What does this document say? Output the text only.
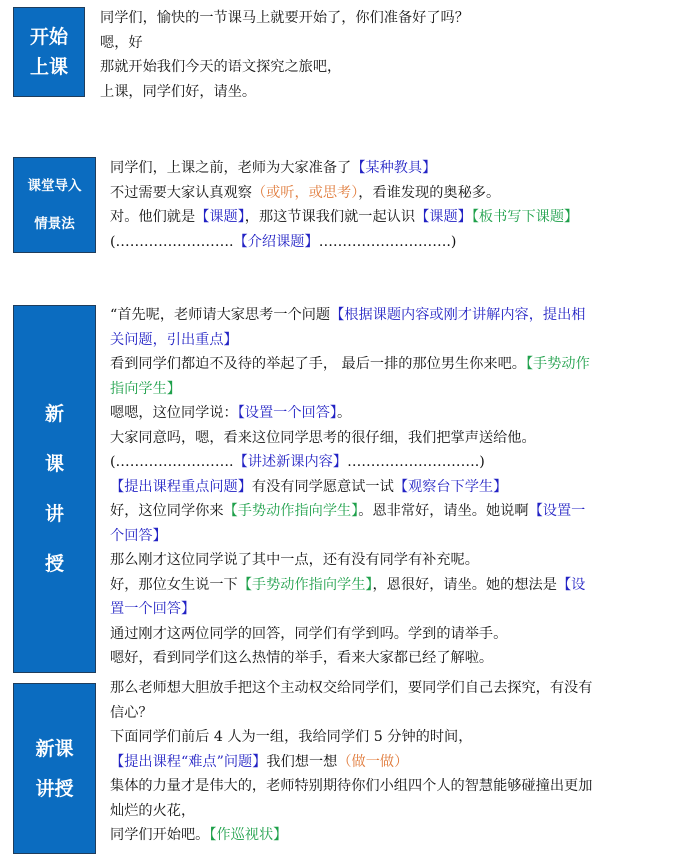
开始
上课
同学们，愉快的一节课马上就要开始了，你们准备好了吗？
嗯，好
那就开始我们今天的语文探究之旅吧，
上课，同学们好，请坐。
课堂导入
情景法
同学们，上课之前，老师为大家准备了【某种教具】
不过需要大家认真观察（或听，或思考），看谁发现的奥秘多。
对。他们就是【课题】，那这节课我们就一起认识【课题】【板书写下课题】
(…………………….【介绍课题】……………………….)
新
课
讲
授
“首先呢，老师请大家思考一个问题【根据课题内容或刚才讲解内容，提出相
关问题，引出重点】
看到同学们都迫不及待的举起了手， 最后一排的那位男生你来吧。【手势动作
指向学生】
嗯嗯，这位同学说：【设置一个回答】。
大家同意吗，嗯，看来这位同学思考的很仔细，我们把掌声送给他。
(…………………….【讲述新课内容】……………………….)
【提出课程重点问题】有没有同学愿意试一试【观察台下学生】
好，这位同学你来【手势动作指向学生】。恩非常好，请坐。她说啊【设置一
个回答】
那么刚才这位同学说了其中一点，还有没有同学有补充呢。
好，那位女生说一下【手势动作指向学生】，恩很好，请坐。她的想法是【设
置一个回答】
通过刚才这两位同学的回答，同学们有学到吗。学到的请举手。
嗯好，看到同学们这么热情的举手，看来大家都已经了解啦。
新课
讲授
那么老师想大胆放手把这个主动权交给同学们，要同学们自己去探究，有没有
信心？
下面同学们前后 4 人为一组，我给同学们 5 分钟的时间，
【提出课程“难点”问题】我们想一想（做一做）
集体的力量才是伟大的，老师特别期待你们小组四个人的智慧能够碰撞出更加
灿烂的火花，
同学们开始吧。【作巡视状】
